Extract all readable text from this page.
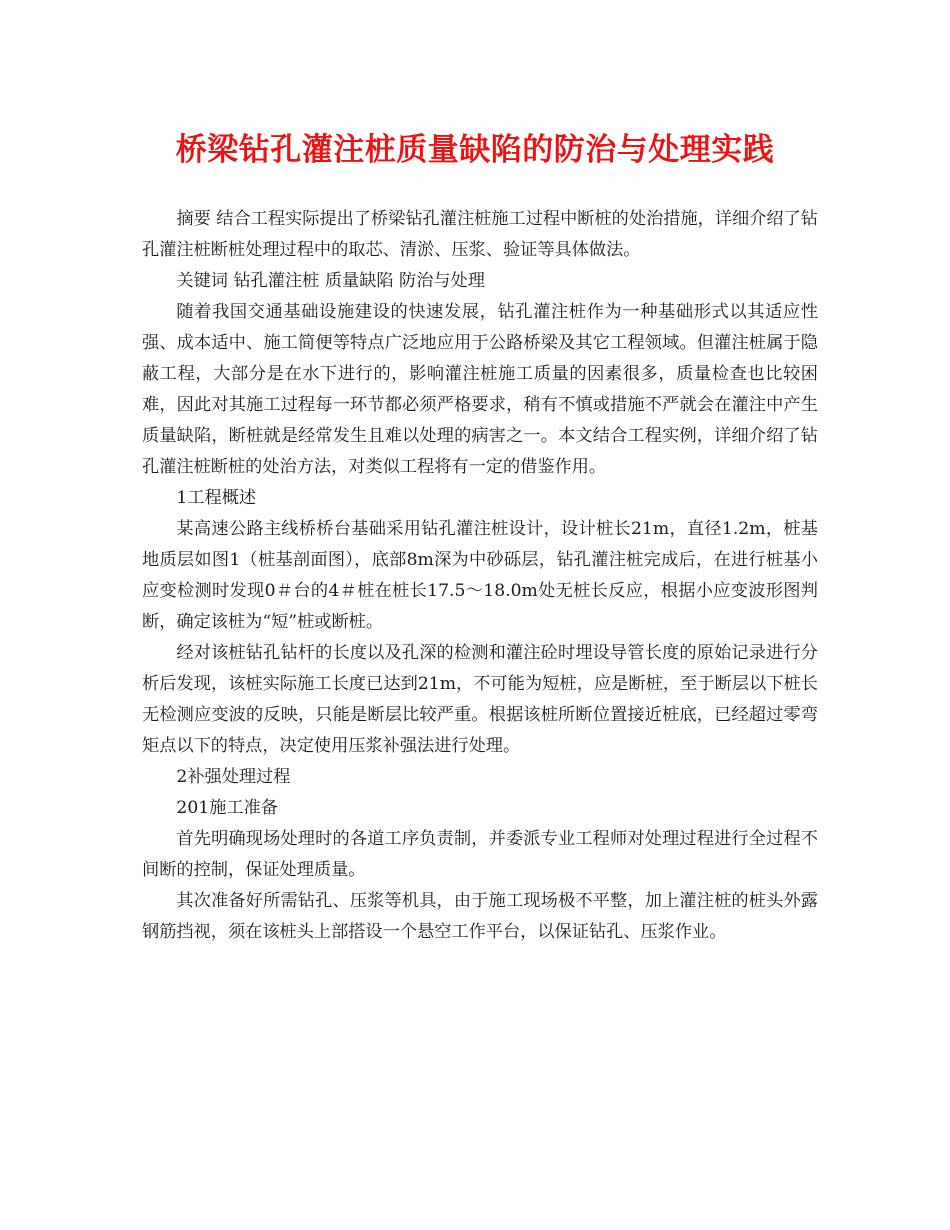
桥梁钻孔灌注桩质量缺陷的防治与处理实践

摘要 结合工程实际提出了桥梁钻孔灌注桩施工过程中断桩的处治措施，详细介绍了钻孔灌注桩断桩处理过程中的取芯、清淤、压浆、验证等具体做法。

关键词 钻孔灌注桩 质量缺陷 防治与处理

随着我国交通基础设施建设的快速发展，钻孔灌注桩作为一种基础形式以其适应性强、成本适中、施工简便等特点广泛地应用于公路桥梁及其它工程领域。但灌注桩属于隐蔽工程，大部分是在水下进行的，影响灌注桩施工质量的因素很多，质量检查也比较困难，因此对其施工过程每一环节都必须严格要求，稍有不慎或措施不严就会在灌注中产生质量缺陷，断桩就是经常发生且难以处理的病害之一。本文结合工程实例，详细介绍了钻孔灌注桩断桩的处治方法，对类似工程将有一定的借鉴作用。

1工程概述

某高速公路主线桥桥台基础采用钻孔灌注桩设计，设计桩长21m，直径1.2m，桩基地质层如图1（桩基剖面图），底部8m深为中砂砾层，钻孔灌注桩完成后，在进行桩基小应变检测时发现0＃台的4＃桩在桩长17.5～18.0m处无桩长反应，根据小应变波形图判断，确定该桩为“短”桩或断桩。

经对该桩钻孔钻杆的长度以及孔深的检测和灌注砼时埋设导管长度的原始记录进行分析后发现，该桩实际施工长度已达到21m，不可能为短桩，应是断桩，至于断层以下桩长无检测应变波的反映，只能是断层比较严重。根据该桩所断位置接近桩底，已经超过零弯矩点以下的特点，决定使用压浆补强法进行处理。

2补强处理过程

201施工准备

首先明确现场处理时的各道工序负责制，并委派专业工程师对处理过程进行全过程不间断的控制，保证处理质量。

其次准备好所需钻孔、压浆等机具，由于施工现场极不平整，加上灌注桩的桩头外露钢筋挡视，须在该桩头上部搭设一个悬空工作平台，以保证钻孔、压浆作业。
